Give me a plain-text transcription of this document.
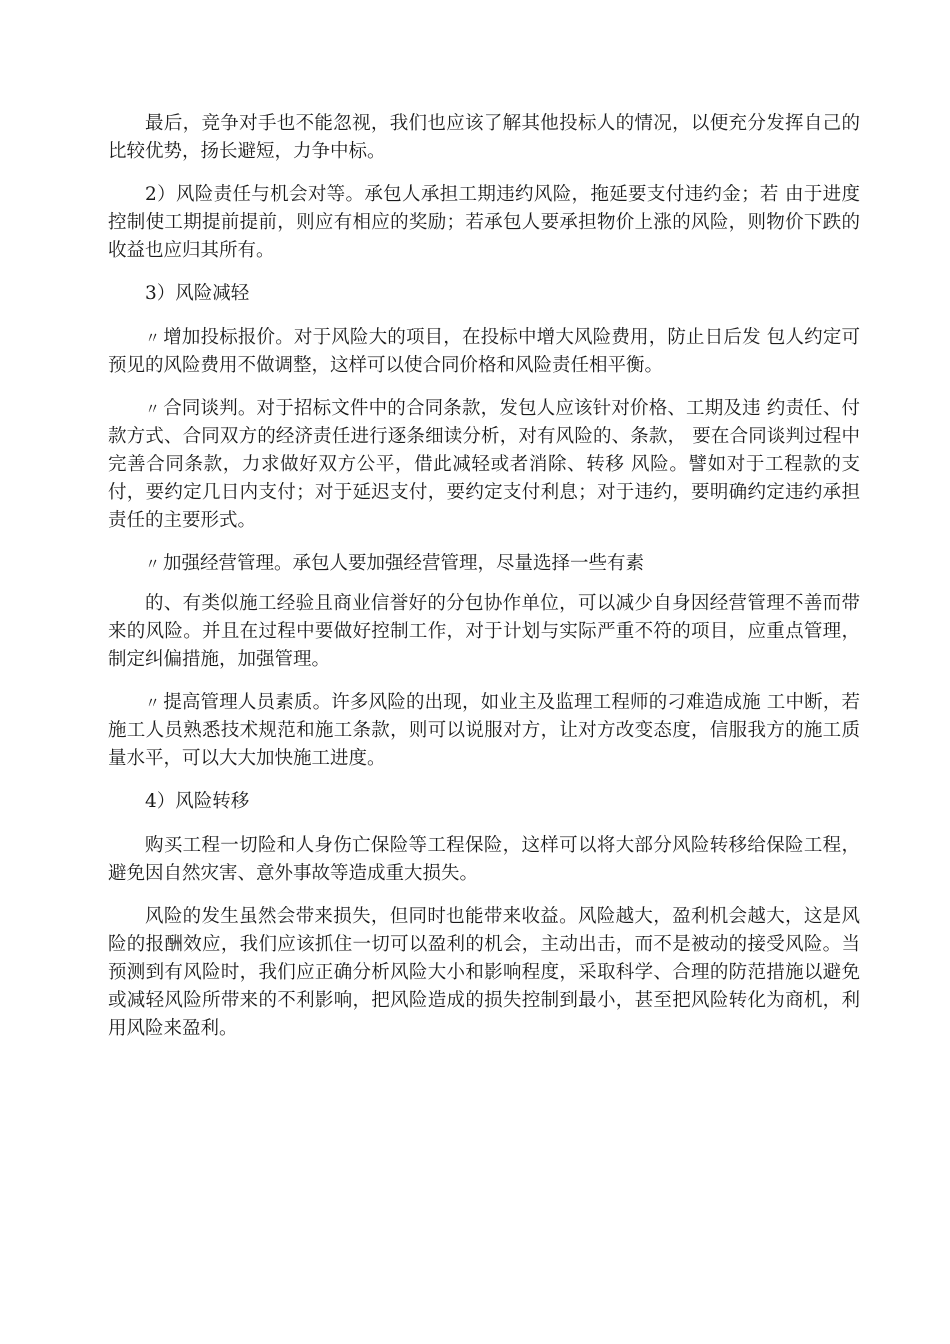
最后，竞争对手也不能忽视，我们也应该了解其他投标人的情况，以便充分发挥自己的比较优势，扬长避短，力争中标。

2）风险责任与机会对等。承包人承担工期违约风险，拖延要支付违约金；若 由于进度控制使工期提前提前，则应有相应的奖励；若承包人要承担物价上涨的风险，则物价下跌的收益也应归其所有。

3）风险减轻

〃 增加投标报价。对于风险大的项目，在投标中增大风险费用，防止日后发 包人约定可预见的风险费用不做调整，这样可以使合同价格和风险责任相平衡。

〃 合同谈判。对于招标文件中的合同条款，发包人应该针对价格、工期及违 约责任、付款方式、合同双方的经济责任进行逐条细读分析，对有风险的、条款， 要在合同谈判过程中完善合同条款，力求做好双方公平，借此减轻或者消除、转移 风险。譬如对于工程款的支付，要约定几日内支付；对于延迟支付，要约定支付利息；对于违约，要明确约定违约承担责任的主要形式。

〃 加强经营管理。承包人要加强经营管理，尽量选择一些有素

的、有类似施工经验且商业信誉好的分包协作单位，可以减少自身因经营管理不善而带来的风险。并且在过程中要做好控制工作，对于计划与实际严重不符的项目，应重点管理，制定纠偏措施，加强管理。

〃 提高管理人员素质。许多风险的出现，如业主及监理工程师的刁难造成施 工中断，若施工人员熟悉技术规范和施工条款，则可以说服对方，让对方改变态度，信服我方的施工质量水平，可以大大加快施工进度。

4）风险转移

购买工程一切险和人身伤亡保险等工程保险，这样可以将大部分风险转移给保险工程，避免因自然灾害、意外事故等造成重大损失。

风险的发生虽然会带来损失，但同时也能带来收益。风险越大，盈利机会越大，这是风险的报酬效应，我们应该抓住一切可以盈利的机会，主动出击，而不是被动的接受风险。当预测到有风险时，我们应正确分析风险大小和影响程度，采取科学、合理的防范措施以避免或减轻风险所带来的不利影响，把风险造成的损失控制到最小，甚至把风险转化为商机，利用风险来盈利。
